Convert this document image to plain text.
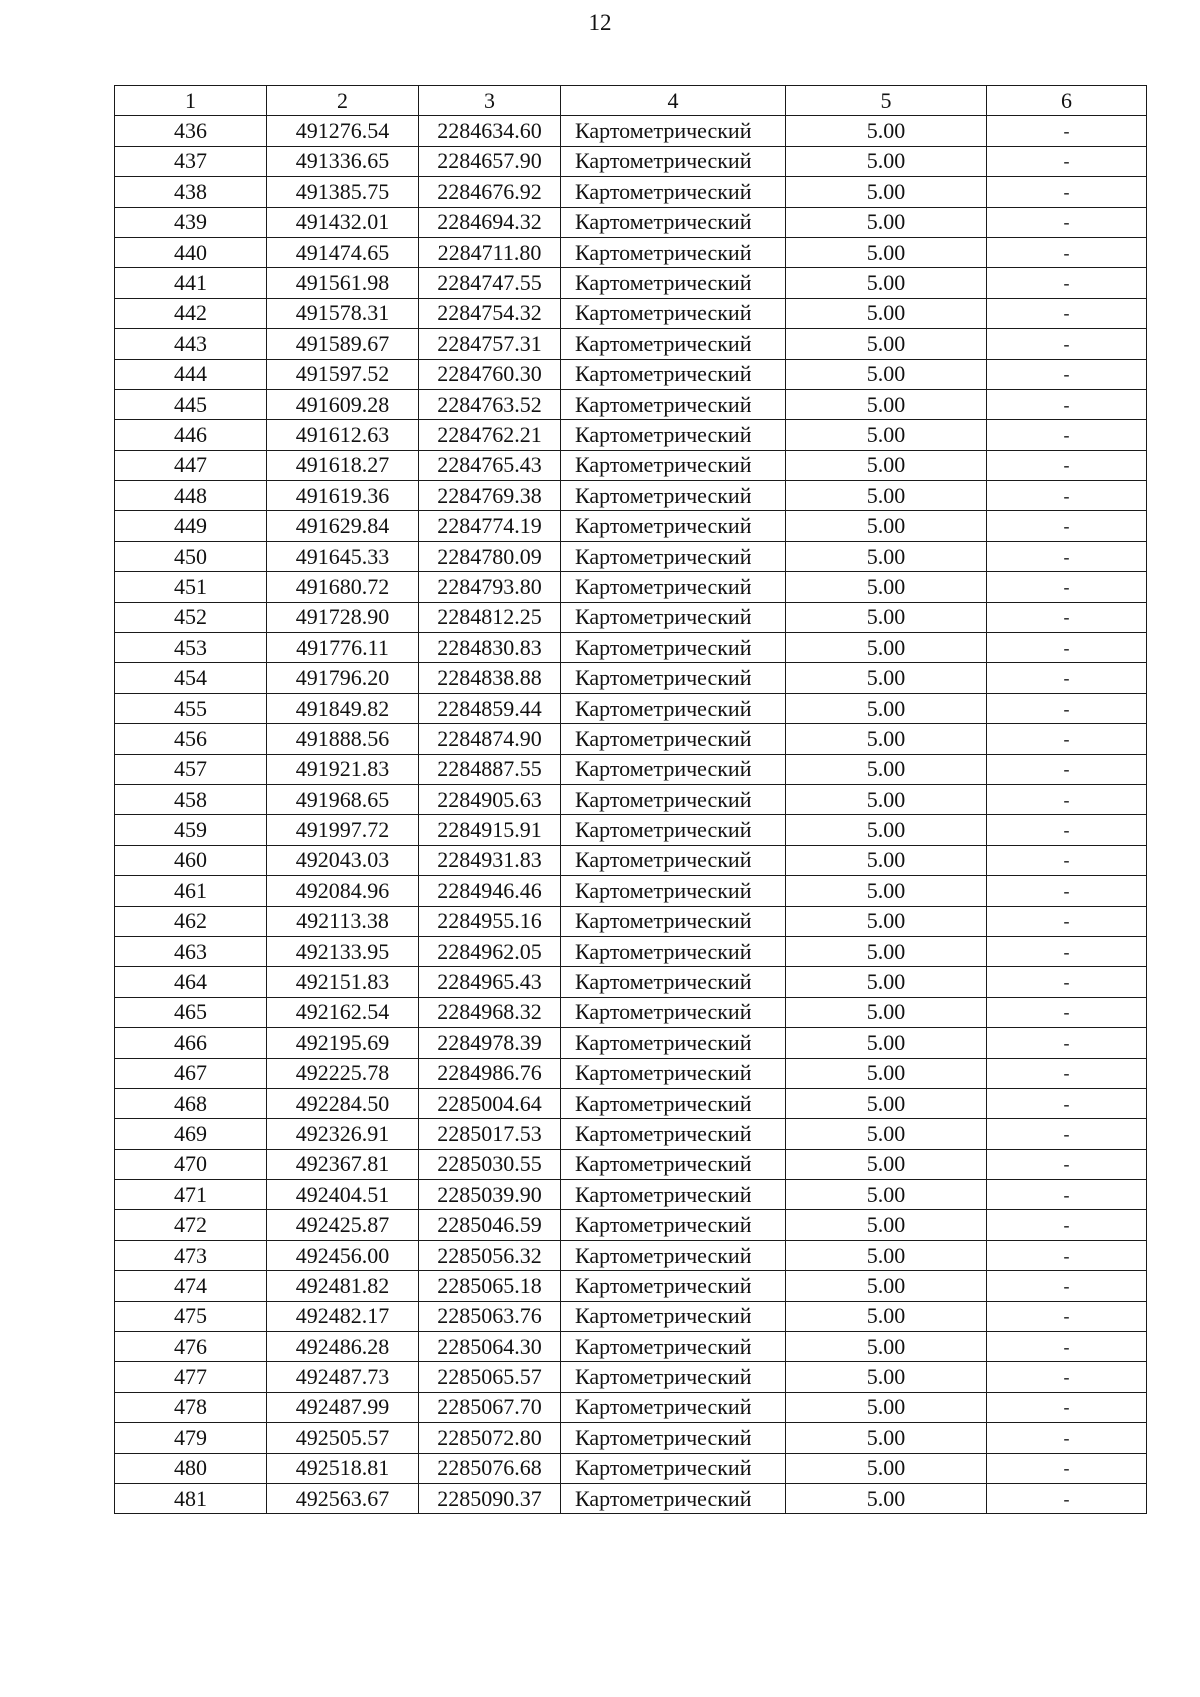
12
1	2	3	4	5	6
436	491276.54	2284634.60	Картометрический	5.00	-
437	491336.65	2284657.90	Картометрический	5.00	-
438	491385.75	2284676.92	Картометрический	5.00	-
439	491432.01	2284694.32	Картометрический	5.00	-
440	491474.65	2284711.80	Картометрический	5.00	-
441	491561.98	2284747.55	Картометрический	5.00	-
442	491578.31	2284754.32	Картометрический	5.00	-
443	491589.67	2284757.31	Картометрический	5.00	-
444	491597.52	2284760.30	Картометрический	5.00	-
445	491609.28	2284763.52	Картометрический	5.00	-
446	491612.63	2284762.21	Картометрический	5.00	-
447	491618.27	2284765.43	Картометрический	5.00	-
448	491619.36	2284769.38	Картометрический	5.00	-
449	491629.84	2284774.19	Картометрический	5.00	-
450	491645.33	2284780.09	Картометрический	5.00	-
451	491680.72	2284793.80	Картометрический	5.00	-
452	491728.90	2284812.25	Картометрический	5.00	-
453	491776.11	2284830.83	Картометрический	5.00	-
454	491796.20	2284838.88	Картометрический	5.00	-
455	491849.82	2284859.44	Картометрический	5.00	-
456	491888.56	2284874.90	Картометрический	5.00	-
457	491921.83	2284887.55	Картометрический	5.00	-
458	491968.65	2284905.63	Картометрический	5.00	-
459	491997.72	2284915.91	Картометрический	5.00	-
460	492043.03	2284931.83	Картометрический	5.00	-
461	492084.96	2284946.46	Картометрический	5.00	-
462	492113.38	2284955.16	Картометрический	5.00	-
463	492133.95	2284962.05	Картометрический	5.00	-
464	492151.83	2284965.43	Картометрический	5.00	-
465	492162.54	2284968.32	Картометрический	5.00	-
466	492195.69	2284978.39	Картометрический	5.00	-
467	492225.78	2284986.76	Картометрический	5.00	-
468	492284.50	2285004.64	Картометрический	5.00	-
469	492326.91	2285017.53	Картометрический	5.00	-
470	492367.81	2285030.55	Картометрический	5.00	-
471	492404.51	2285039.90	Картометрический	5.00	-
472	492425.87	2285046.59	Картометрический	5.00	-
473	492456.00	2285056.32	Картометрический	5.00	-
474	492481.82	2285065.18	Картометрический	5.00	-
475	492482.17	2285063.76	Картометрический	5.00	-
476	492486.28	2285064.30	Картометрический	5.00	-
477	492487.73	2285065.57	Картометрический	5.00	-
478	492487.99	2285067.70	Картометрический	5.00	-
479	492505.57	2285072.80	Картометрический	5.00	-
480	492518.81	2285076.68	Картометрический	5.00	-
481	492563.67	2285090.37	Картометрический	5.00	-
